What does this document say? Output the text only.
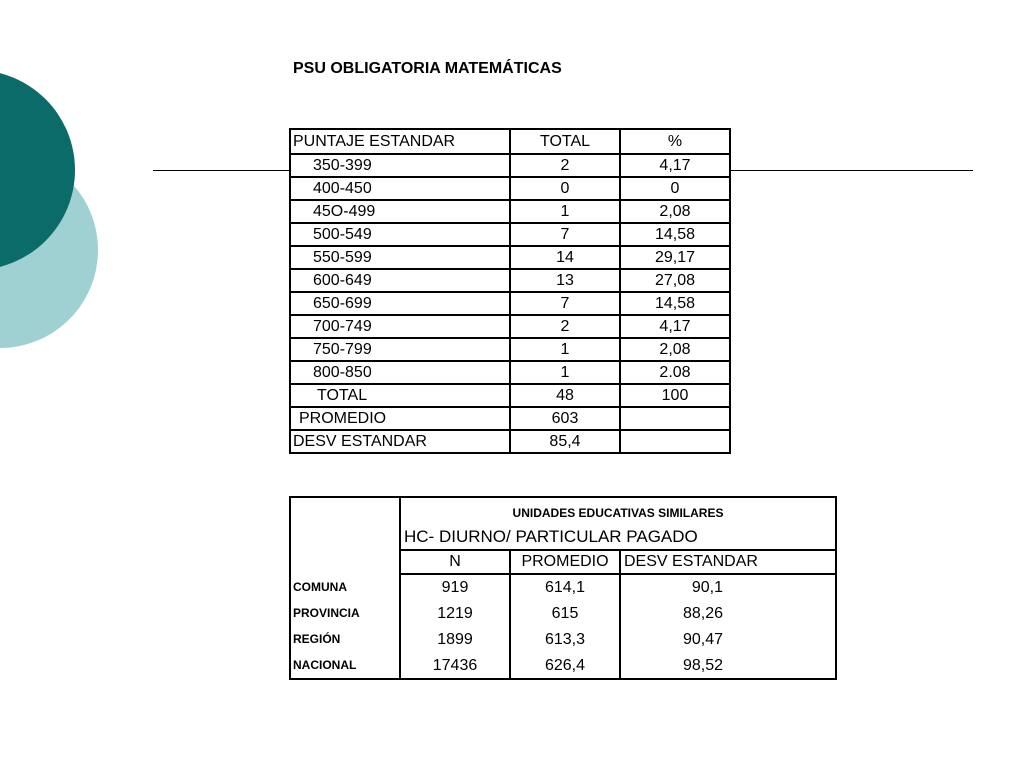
PSU OBLIGATORIA MATEMÁTICAS
PUNTAJE ESTANDAR	TOTAL	%
350-399	2	4,17
400-450	0	0
45O-499	1	2,08
500-549	7	14,58
550-599	14	29,17
600-649	13	27,08
650-699	7	14,58
700-749	2	4,17
750-799	1	2,08
800-850	1	2.08
TOTAL	48	100
PROMEDIO	603	
DESV ESTANDAR	85,4	
	UNIDADES EDUCATIVAS SIMILARES		
	HC- DIURNO/ PARTICULAR PAGADO		
	N	PROMEDIO	DESV ESTANDAR
COMUNA	919	614,1	90,1
PROVINCIA	1219	615	88,26
REGIÓN	1899	613,3	90,47
NACIONAL	17436	626,4	98,52
